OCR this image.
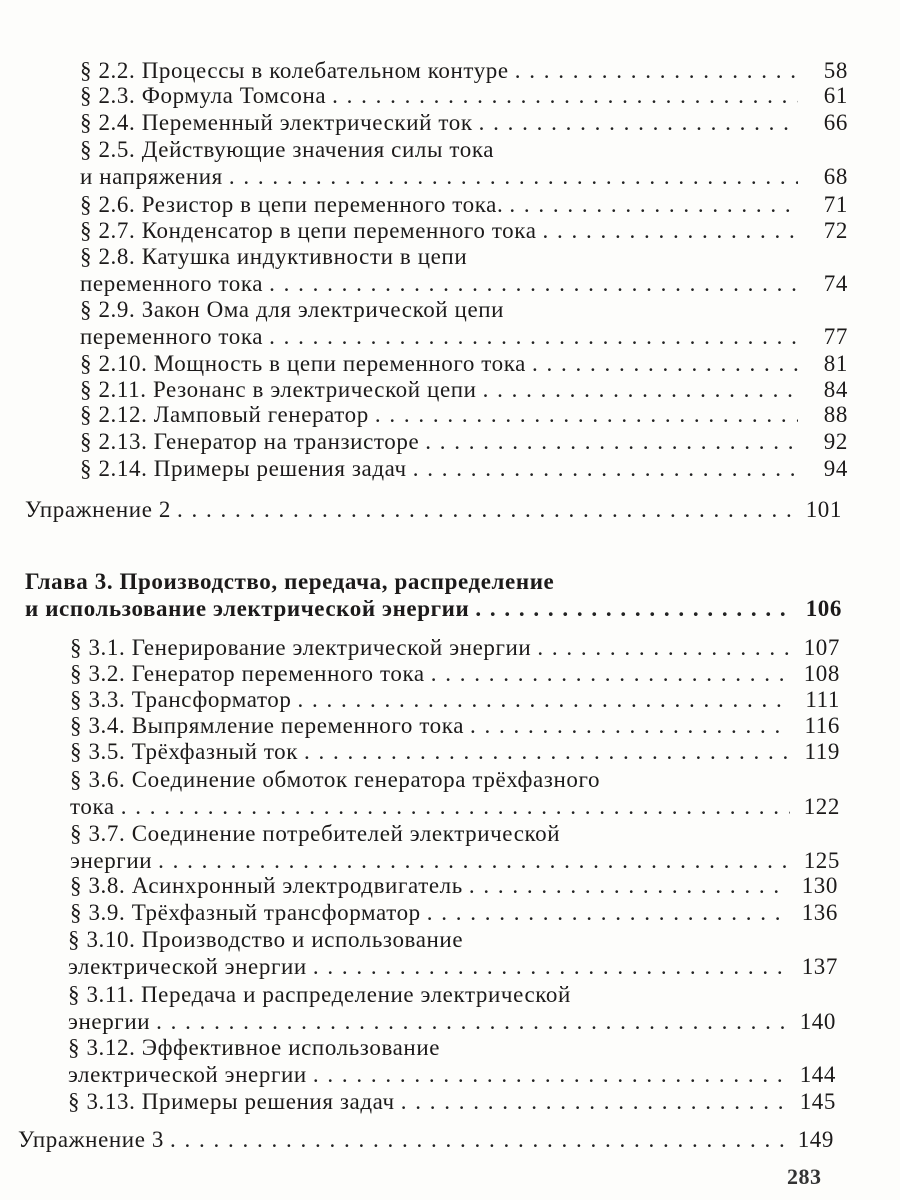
§ 2.2. Процессы в колебательном контуре . . .	58
§ 2.3. Формула Томсона . . .	61
§ 2.4. Переменный электрический ток . . .	66
§ 2.5. Действующие значения силы тока
и напряжения . . .	68
§ 2.6. Резистор в цепи переменного тока. . . .	71
§ 2.7. Конденсатор в цепи переменного тока . . .	72
§ 2.8. Катушка индуктивности в цепи
переменного тока . . .	74
§ 2.9. Закон Ома для электрической цепи
переменного тока . . .	77
§ 2.10. Мощность в цепи переменного тока . . .	81
§ 2.11. Резонанс в электрической цепи . . .	84
§ 2.12. Ламповый генератор . . .	88
§ 2.13. Генератор на транзисторе . . .	92
§ 2.14. Примеры решения задач . . .	94
Упражнение 2 . . .	101
Глава 3. Производство, передача, распределение
и использование электрической энергии . . .	106
§ 3.1. Генерирование электрической энергии . . .	107
§ 3.2. Генератор переменного тока . . .	108
§ 3.3. Трансформатор . . .	111
§ 3.4. Выпрямление переменного тока . . .	116
§ 3.5. Трёхфазный ток . . .	119
§ 3.6. Соединение обмоток генератора трёхфазного
тока . . .	122
§ 3.7. Соединение потребителей электрической
энергии . . .	125
§ 3.8. Асинхронный электродвигатель . . .	130
§ 3.9. Трёхфазный трансформатор . . .	136
§ 3.10. Производство и использование
электрической энергии . . .	137
§ 3.11. Передача и распределение электрической
энергии . . .	140
§ 3.12. Эффективное использование
электрической энергии . . .	144
§ 3.13. Примеры решения задач . . .	145
Упражнение 3 . . .	149
283
